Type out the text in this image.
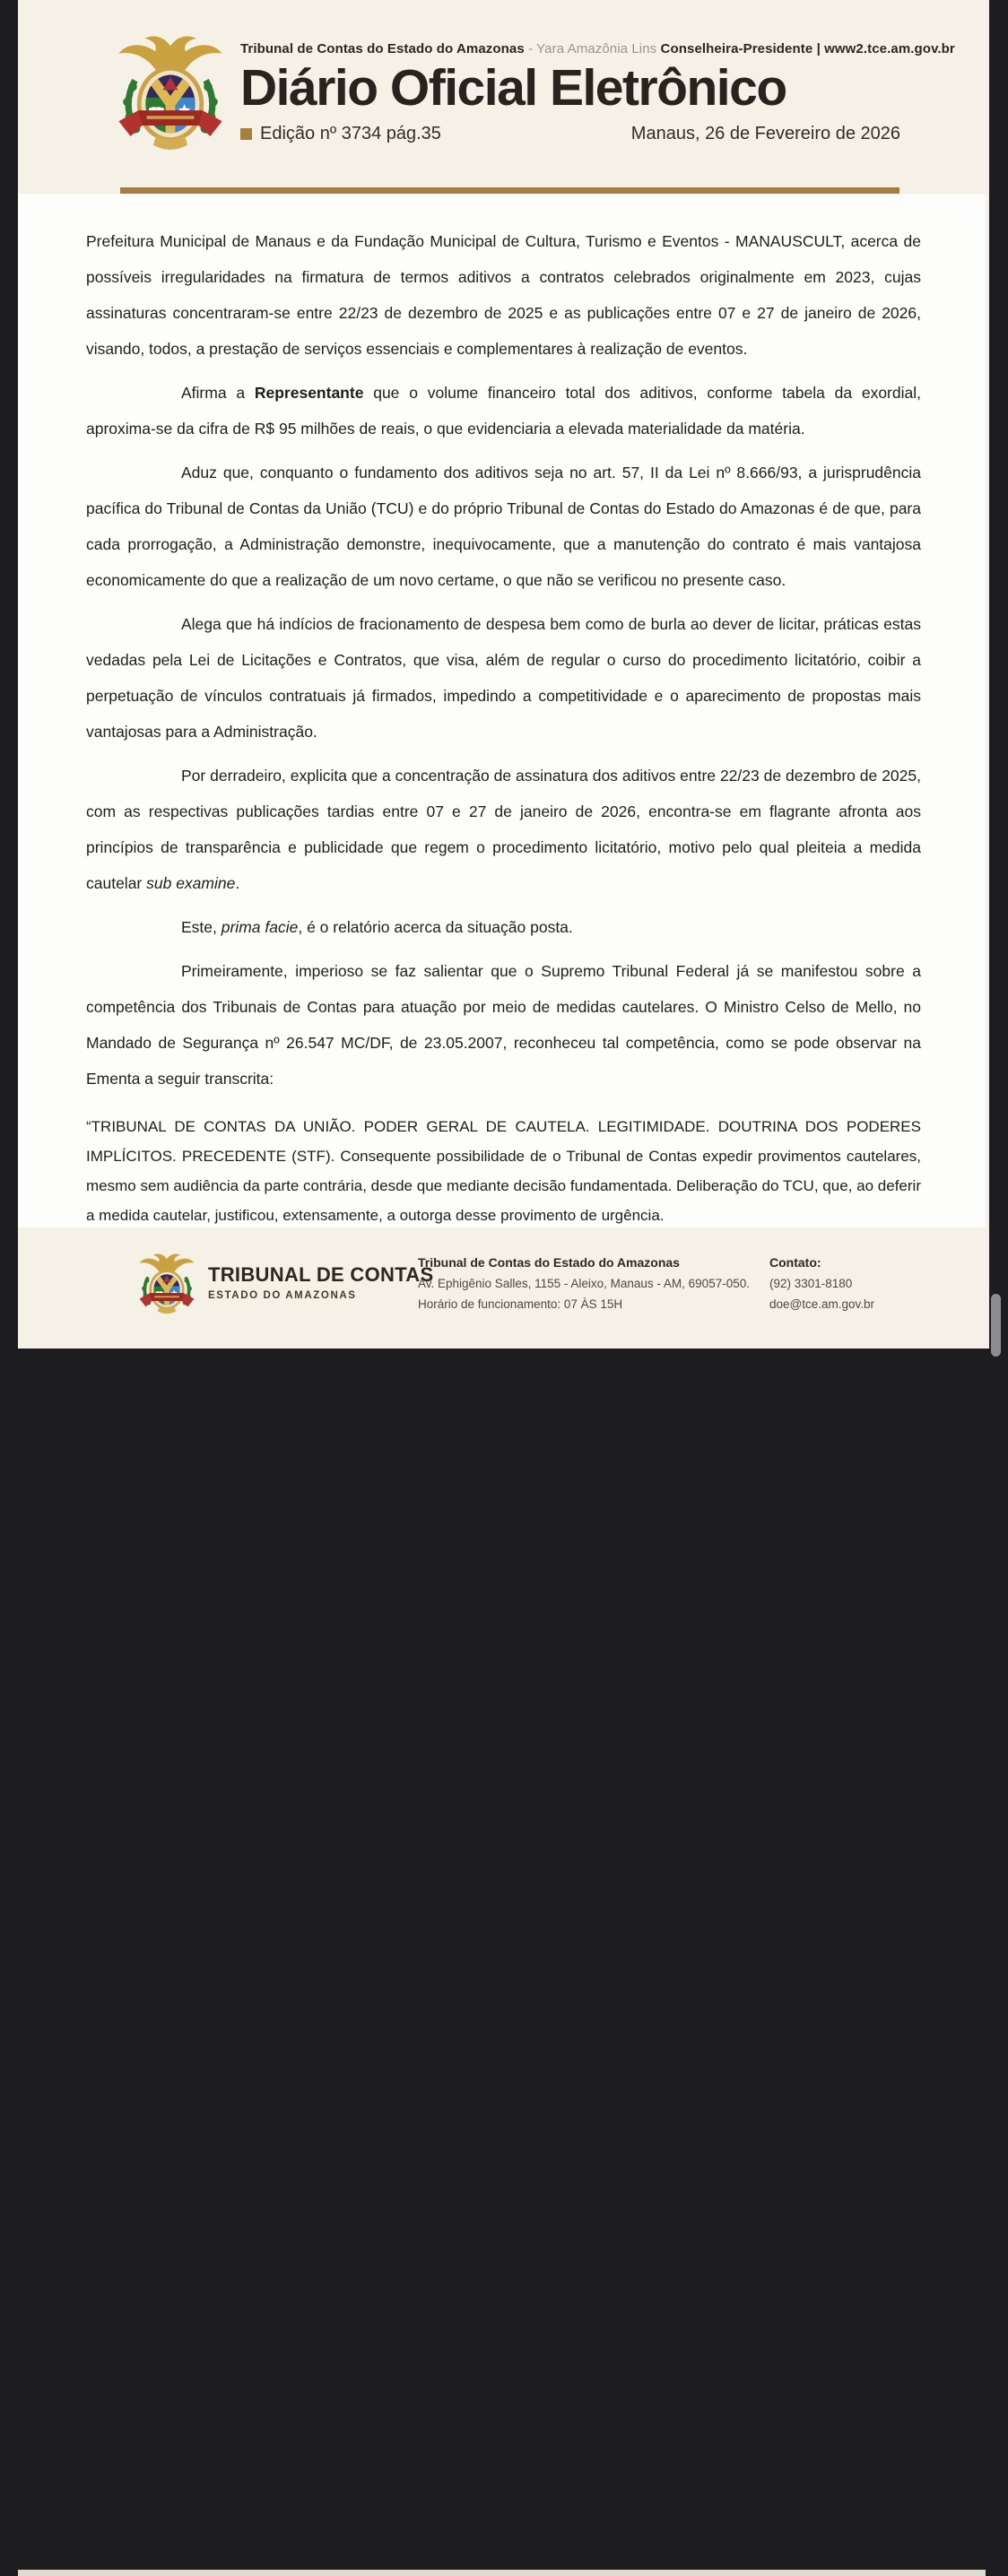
Tribunal de Contas do Estado do Amazonas - Yara Amazônia Lins Conselheira-Presidente | www2.tce.am.gov.br
Diário Oficial Eletrônico
Edição nº 3734 pág.35	Manaus, 26 de Fevereiro de 2026

Prefeitura Municipal de Manaus e da Fundação Municipal de Cultura, Turismo e Eventos - MANAUSCULT, acerca de possíveis irregularidades na firmatura de termos aditivos a contratos celebrados originalmente em 2023, cujas assinaturas concentraram-se entre 22/23 de dezembro de 2025 e as publicações entre 07 e 27 de janeiro de 2026, visando, todos, a prestação de serviços essenciais e complementares à realização de eventos.

Afirma a Representante que o volume financeiro total dos aditivos, conforme tabela da exordial, aproxima-se da cifra de R$ 95 milhões de reais, o que evidenciaria a elevada materialidade da matéria.

Aduz que, conquanto o fundamento dos aditivos seja no art. 57, II da Lei nº 8.666/93, a jurisprudência pacífica do Tribunal de Contas da União (TCU) e do próprio Tribunal de Contas do Estado do Amazonas é de que, para cada prorrogação, a Administração demonstre, inequivocamente, que a manutenção do contrato é mais vantajosa economicamente do que a realização de um novo certame, o que não se verificou no presente caso.

Alega que há indícios de fracionamento de despesa bem como de burla ao dever de licitar, práticas estas vedadas pela Lei de Licitações e Contratos, que visa, além de regular o curso do procedimento licitatório, coibir a perpetuação de vínculos contratuais já firmados, impedindo a competitividade e o aparecimento de propostas mais vantajosas para a Administração.

Por derradeiro, explicita que a concentração de assinatura dos aditivos entre 22/23 de dezembro de 2025, com as respectivas publicações tardias entre 07 e 27 de janeiro de 2026, encontra-se em flagrante afronta aos princípios de transparência e publicidade que regem o procedimento licitatório, motivo pelo qual pleiteia a medida cautelar sub examine.

Este, prima facie, é o relatório acerca da situação posta.

Primeiramente, imperioso se faz salientar que o Supremo Tribunal Federal já se manifestou sobre a competência dos Tribunais de Contas para atuação por meio de medidas cautelares. O Ministro Celso de Mello, no Mandado de Segurança nº 26.547 MC/DF, de 23.05.2007, reconheceu tal competência, como se pode observar na Ementa a seguir transcrita:

“TRIBUNAL DE CONTAS DA UNIÃO. PODER GERAL DE CAUTELA. LEGITIMIDADE. DOUTRINA DOS PODERES IMPLÍCITOS. PRECEDENTE (STF). Consequente possibilidade de o Tribunal de Contas expedir provimentos cautelares, mesmo sem audiência da parte contrária, desde que mediante decisão fundamentada. Deliberação do TCU, que, ao deferir a medida cautelar, justificou, extensamente, a outorga desse provimento de urgência.

TRIBUNAL DE CONTAS
ESTADO DO AMAZONAS
Tribunal de Contas do Estado do Amazonas
Av. Ephigênio Salles, 1155 - Aleixo, Manaus - AM, 69057-050.
Horário de funcionamento: 07 ÀS 15H
Contato:
(92) 3301-8180
doe@tce.am.gov.br
